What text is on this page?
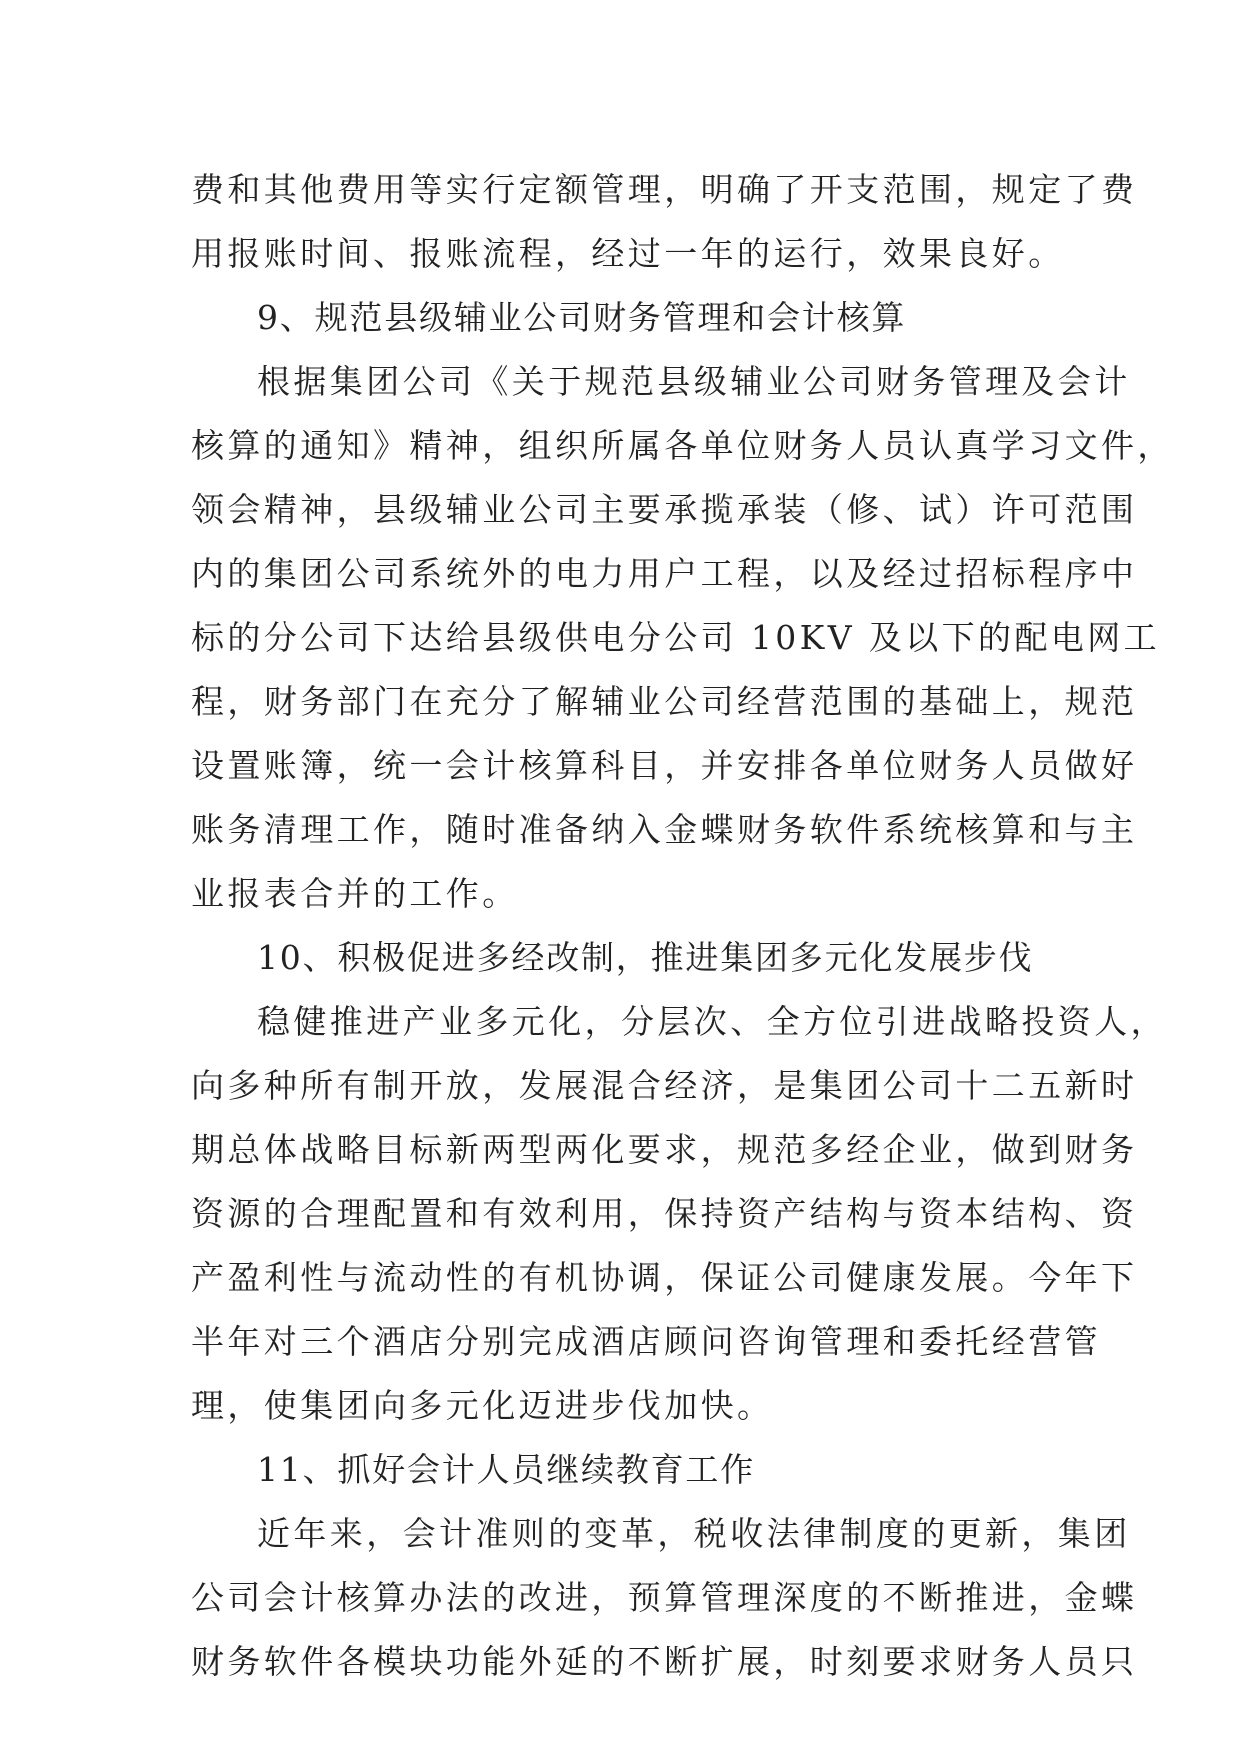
费和其他费用等实行定额管理，明确了开支范围，规定了费
用报账时间、报账流程，经过一年的运行，效果良好。
9、规范县级辅业公司财务管理和会计核算
根据集团公司《关于规范县级辅业公司财务管理及会计
核算的通知》精神，组织所属各单位财务人员认真学习文件，
领会精神，县级辅业公司主要承揽承装（修、试）许可范围
内的集团公司系统外的电力用户工程，以及经过招标程序中
标的分公司下达给县级供电分公司 10KV 及以下的配电网工
程，财务部门在充分了解辅业公司经营范围的基础上，规范
设置账簿，统一会计核算科目，并安排各单位财务人员做好
账务清理工作，随时准备纳入金蝶财务软件系统核算和与主
业报表合并的工作。
10、积极促进多经改制，推进集团多元化发展步伐
稳健推进产业多元化，分层次、全方位引进战略投资人，
向多种所有制开放，发展混合经济，是集团公司十二五新时
期总体战略目标新两型两化要求，规范多经企业，做到财务
资源的合理配置和有效利用，保持资产结构与资本结构、资
产盈利性与流动性的有机协调，保证公司健康发展。今年下
半年对三个酒店分别完成酒店顾问咨询管理和委托经营管
理，使集团向多元化迈进步伐加快。
11、抓好会计人员继续教育工作
近年来，会计准则的变革，税收法律制度的更新，集团
公司会计核算办法的改进，预算管理深度的不断推进，金蝶
财务软件各模块功能外延的不断扩展，时刻要求财务人员只
